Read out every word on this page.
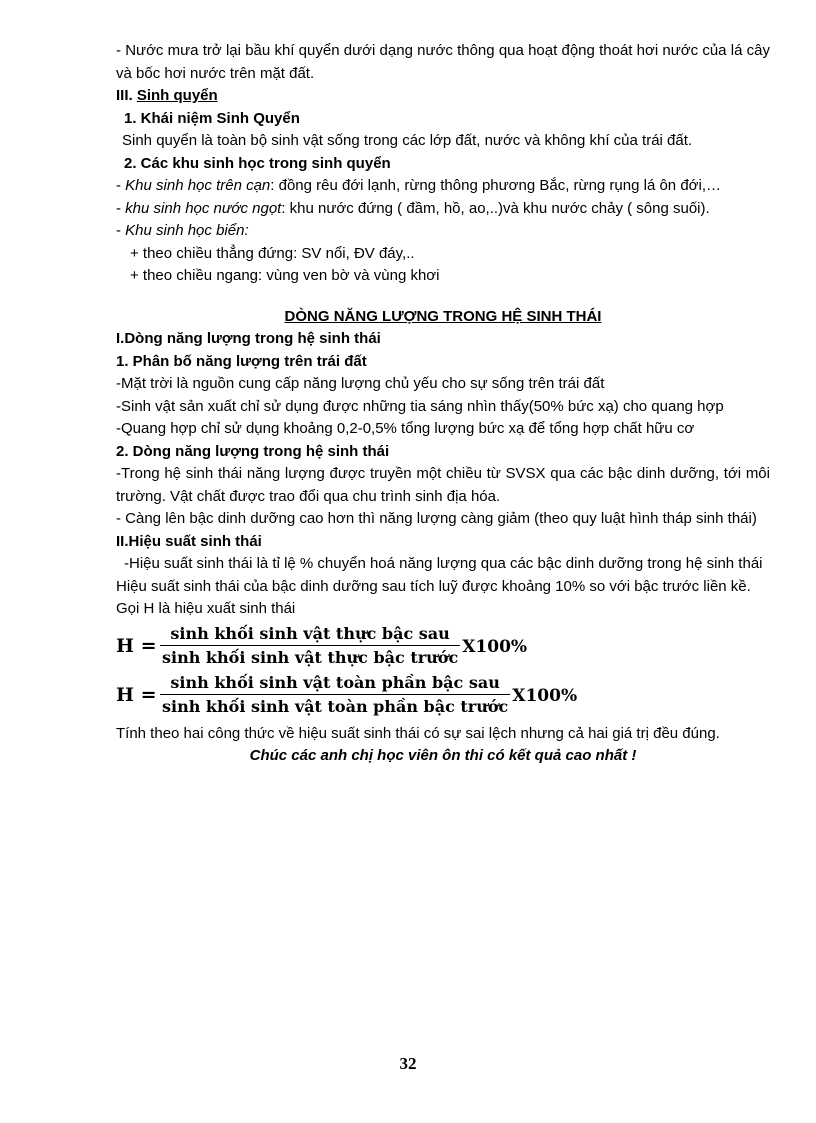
- Nước mưa trở lại bầu khí quyển dưới dạng nước thông qua hoạt động thoát hơi nước của lá cây và bốc hơi nước trên mặt đất.

III. Sinh quyển

1. Khái niệm Sinh Quyển

Sinh quyển là toàn bộ sinh vật sống trong các lớp đất, nước và không khí của trái đất.

2. Các khu sinh học trong sinh quyển

- Khu sinh học trên cạn: đồng rêu đới lạnh, rừng thông phương Bắc, rừng rụng lá ôn đới,…

- khu sinh học nước ngọt: khu nước đứng ( đầm, hồ, ao,..)và khu nước chảy ( sông suối).

- Khu sinh học biển:

+ theo chiều thẳng đứng: SV nổi, ĐV đáy,..

+ theo chiều ngang: vùng ven bờ và vùng khơi

DÒNG NĂNG LƯỢNG TRONG HỆ SINH THÁI

I.Dòng năng lượng trong hệ sinh thái

1. Phân bố năng lượng trên trái đất

-Mặt trời là nguồn cung cấp năng lượng chủ yếu cho sự sống trên trái đất

-Sinh vật sản xuất chỉ sử dụng được những tia sáng nhìn thấy(50% bức xạ) cho quang hợp

-Quang hợp chỉ sử dụng khoảng 0,2-0,5% tổng lượng bức xạ để tổng hợp chất hữu cơ

2. Dòng năng lượng trong hệ sinh thái

-Trong hệ sinh thái năng lượng được truyền một chiều từ SVSX qua các bậc dinh dưỡng, tới môi trường. Vật chất được trao đổi qua chu trình sinh địa hóa.

- Càng lên bậc dinh dưỡng cao hơn thì năng lượng càng giảm (theo quy luật hình tháp sinh thái)

II.Hiệu suất sinh thái

-Hiệu suất sinh thái là tỉ lệ % chuyển hoá năng lượng qua các bậc dinh dưỡng trong hệ sinh thái

Hiệu suất sinh thái của bậc dinh dưỡng sau tích luỹ được khoảng 10% so với bậc trước liền kề.

Gọi H là hiệu xuất sinh thái

$H = \frac{\text{sinh khối sinh vật thực bậc sau}}{\text{sinh khối sinh vật thực bậc trước}} X100\%$
$H = \frac{\text{sinh khối sinh vật toàn phần bậc sau}}{\text{sinh khối sinh vật toàn phần bậc trước}} X100\%$

Tính theo hai công thức về hiệu suất sinh thái có sự sai lệch nhưng cả hai giá trị đều đúng.

Chúc các anh chị học viên ôn thi có kết quả cao nhất !

32
